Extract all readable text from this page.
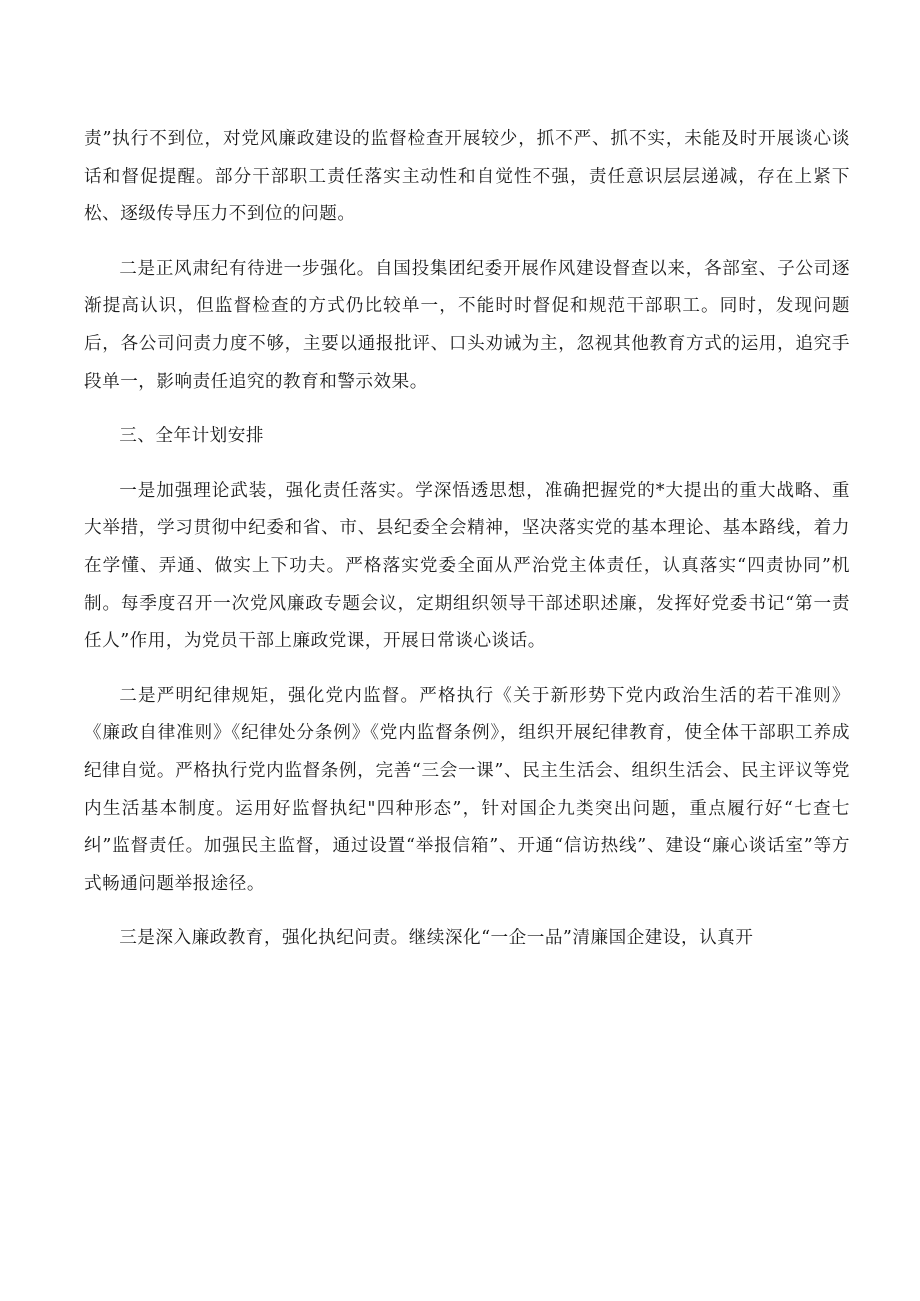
责”执行不到位，对党风廉政建设的监督检查开展较少，抓不严、抓不实，未能及时开展谈心谈话和督促提醒。部分干部职工责任落实主动性和自觉性不强，责任意识层层递减，存在上紧下松、逐级传导压力不到位的问题。

二是正风肃纪有待进一步强化。自国投集团纪委开展作风建设督查以来，各部室、子公司逐渐提高认识，但监督检查的方式仍比较单一，不能时时督促和规范干部职工。同时，发现问题后，各公司问责力度不够，主要以通报批评、口头劝诫为主，忽视其他教育方式的运用，追究手段单一，影响责任追究的教育和警示效果。

三、全年计划安排

一是加强理论武装，强化责任落实。学深悟透思想，准确把握党的*大提出的重大战略、重大举措，学习贯彻中纪委和省、市、县纪委全会精神，坚决落实党的基本理论、基本路线，着力在学懂、弄通、做实上下功夫。严格落实党委全面从严治党主体责任，认真落实“四责协同”机制。每季度召开一次党风廉政专题会议，定期组织领导干部述职述廉，发挥好党委书记“第一责任人”作用，为党员干部上廉政党课，开展日常谈心谈话。

二是严明纪律规矩，强化党内监督。严格执行《关于新形势下党内政治生活的若干准则》《廉政自律准则》《纪律处分条例》《党内监督条例》，组织开展纪律教育，使全体干部职工养成纪律自觉。严格执行党内监督条例，完善“三会一课”、民主生活会、组织生活会、民主评议等党内生活基本制度。运用好监督执纪"四种形态”，针对国企九类突出问题，重点履行好“七查七纠”监督责任。加强民主监督，通过设置“举报信箱”、开通“信访热线”、建设“廉心谈话室”等方式畅通问题举报途径。

三是深入廉政教育，强化执纪问责。继续深化“一企一品”清廉国企建设，认真开
